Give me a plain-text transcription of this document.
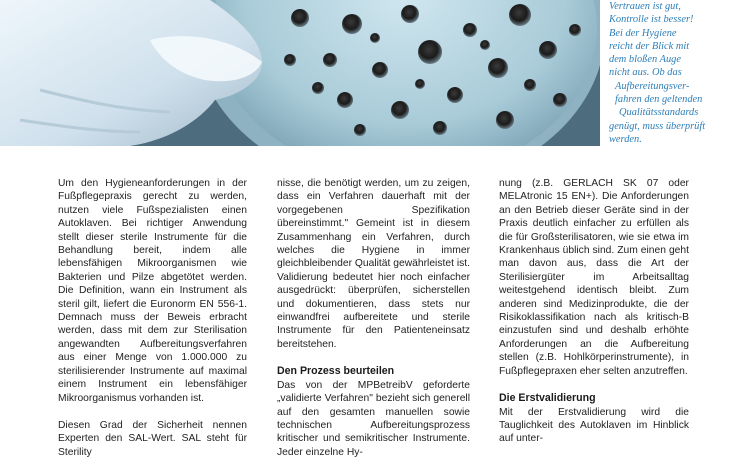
Vertrauen ist gut,

Kontrolle ist besser!

Bei der Hygiene

reicht der Blick mit

dem bloßen Auge

nicht aus. Ob das

Aufbereitungsver-

fahren den geltenden

Qualitätsstandards

genügt, muss überprüft

werden.

Um den Hygieneanforderungen in der Fußpflegepraxis gerecht zu werden, nutzen viele Fußspezialisten einen Autoklaven. Bei richtiger Anwendung stellt dieser sterile Instrumente für die Behandlung bereit, indem alle lebensfähigen Mikroorganismen wie Bakterien und Pilze abgetötet werden. Die Definition, wann ein Instrument als steril gilt, liefert die Euronorm EN 556-1. Demnach muss der Beweis erbracht werden, dass mit dem zur Sterilisation angewandten Aufbereitungsverfahren aus einer Menge von 1.000.000 zu sterilisierender Instrumente auf maximal einem Instrument ein lebensfähiger Mikroorganismus vorhanden ist.

Diesen Grad der Sicherheit nennen Experten den SAL-Wert. SAL steht für Sterility

nisse, die benötigt werden, um zu zeigen, dass ein Verfahren dauerhaft mit der vorgegebenen Spezifikation übereinstimmt." Gemeint ist in diesem Zusammenhang ein Verfahren, durch welches die Hygiene in immer gleichbleibender Qualität gewährleistet ist. Validierung bedeutet hier noch einfacher ausgedrückt: überprüfen, sicherstellen und dokumentieren, dass stets nur einwandfrei aufbereitete und sterile Instrumente für den Patienteneinsatz bereitstehen.

Den Prozess beurteilen

Das von der MPBetreibV geforderte „validierte Verfahren" bezieht sich generell auf den gesamten manuellen sowie technischen Aufbereitungsprozess kritischer und semikritischer Instrumente. Jeder einzelne Hy-

nung (z.B. GERLACH SK 07 oder MELAtronic 15 EN+). Die Anforderungen an den Betrieb dieser Geräte sind in der Praxis deutlich einfacher zu erfüllen als die für Großsterilisatoren, wie sie etwa im Krankenhaus üblich sind. Zum einen geht man davon aus, dass die Art der Sterilisiergüter im Arbeitsalltag weitestgehend identisch bleibt. Zum anderen sind Medizinprodukte, die der Risikoklassifikation nach als kritisch-B einzustufen sind und deshalb erhöhte Anforderungen an die Aufbereitung stellen (z.B. Hohlkörperinstrumente), in Fußpflegepraxen eher selten anzutreffen.

Die Erstvalidierung

Mit der Erstvalidierung wird die Tauglichkeit des Autoklaven im Hinblick auf unter-
